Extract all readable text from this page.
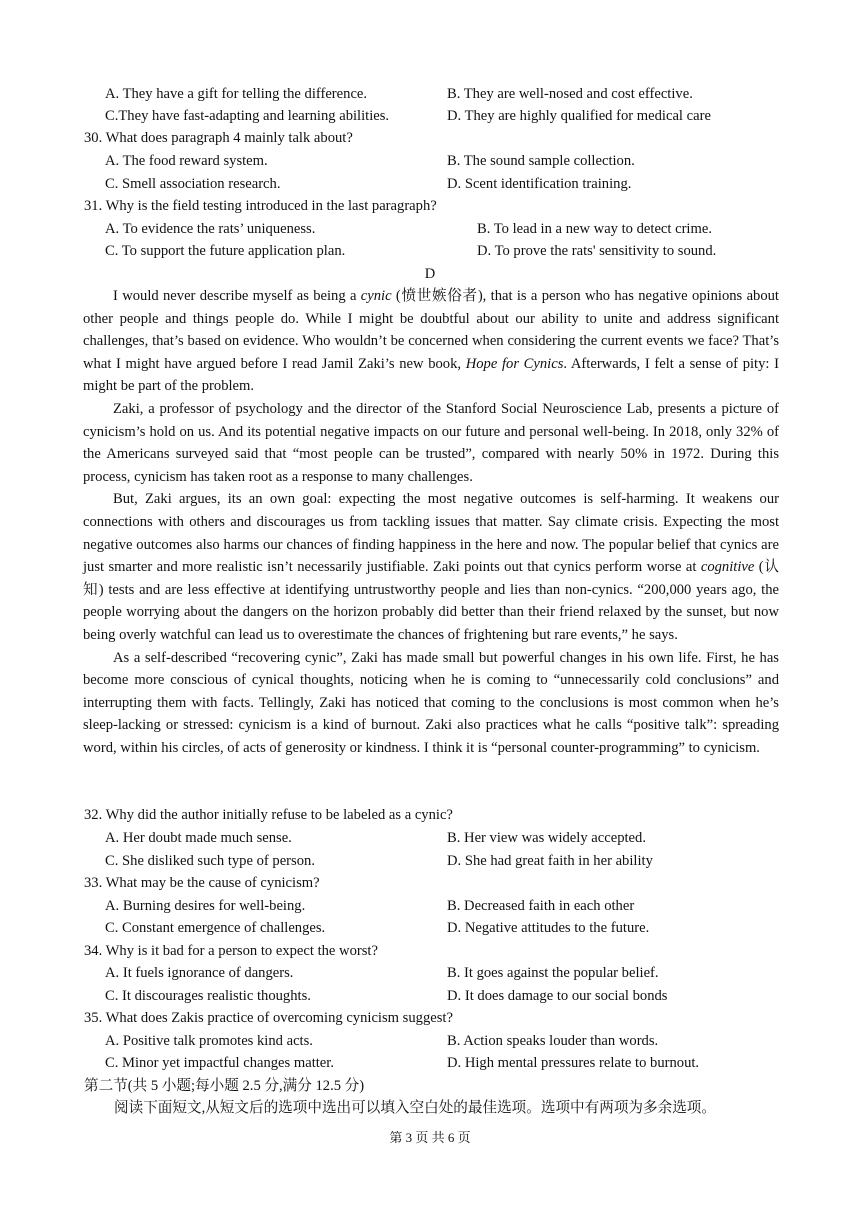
A. They have a gift for telling the difference.	B. They are well-nosed and cost effective.
C.They have fast-adapting and learning abilities.	D. They are highly qualified for medical care
30. What does paragraph 4 mainly talk about?
A. The food reward system.	B. The sound sample collection.
C. Smell association research.	D. Scent identification training.
31. Why is the field testing introduced in the last paragraph?
A. To evidence the rats’ uniqueness.	B. To lead in a new way to detect crime.
C. To support the future application plan.	D. To prove the rats' sensitivity to sound.
D

I would never describe myself as being a cynic (愤世嫉俗者), that is a person who has negative opinions about other people and things people do. While I might be doubtful about our ability to unite and address significant challenges, that’s based on evidence. Who wouldn’t be concerned when considering the current events we face? That’s what I might have argued before I read Jamil Zaki’s new book, Hope for Cynics. Afterwards, I felt a sense of pity: I might be part of the problem.

Zaki, a professor of psychology and the director of the Stanford Social Neuroscience Lab, presents a picture of cynicism’s hold on us. And its potential negative impacts on our future and personal well-being. In 2018, only 32% of the Americans surveyed said that “most people can be trusted”, compared with nearly 50% in 1972. During this process, cynicism has taken root as a response to many challenges.

But, Zaki argues, its an own goal: expecting the most negative outcomes is self-harming. It weakens our connections with others and discourages us from tackling issues that matter. Say climate crisis. Expecting the most negative outcomes also harms our chances of finding happiness in the here and now. The popular belief that cynics are just smarter and more realistic isn’t necessarily justifiable. Zaki points out that cynics perform worse at cognitive (认知) tests and are less effective at identifying untrustworthy people and lies than non-cynics. “200,000 years ago, the people worrying about the dangers on the horizon probably did better than their friend relaxed by the sunset, but now being overly watchful can lead us to overestimate the chances of frightening but rare events,” he says.

As a self-described “recovering cynic”, Zaki has made small but powerful changes in his own life. First, he has become more conscious of cynical thoughts, noticing when he is coming to “unnecessarily cold conclusions” and interrupting them with facts. Tellingly, Zaki has noticed that coming to the conclusions is most common when he’s sleep-lacking or stressed: cynicism is a kind of burnout. Zaki also practices what he calls “positive talk”: spreading word, within his circles, of acts of generosity or kindness. I think it is “personal counter-programming” to cynicism.

32. Why did the author initially refuse to be labeled as a cynic?
A. Her doubt made much sense.	B. Her view was widely accepted.
C. She disliked such type of person.	D. She had great faith in her ability
33. What may be the cause of cynicism?
A. Burning desires for well-being.	B. Decreased faith in each other
C. Constant emergence of challenges.	D. Negative attitudes to the future.
34. Why is it bad for a person to expect the worst?
A. It fuels ignorance of dangers.	B. It goes against the popular belief.
C. It discourages realistic thoughts.	D. It does damage to our social bonds
35. What does Zakis practice of overcoming cynicism suggest?
A. Positive talk promotes kind acts.	B. Action speaks louder than words.
C. Minor yet impactful changes matter.	D. High mental pressures relate to burnout.
第二节(共 5 小题;每小题 2.5 分,满分 12.5 分)
阅读下面短文,从短文后的选项中选出可以填入空白处的最佳选项。选项中有两项为多余选项。
第 3 页 共 6 页
